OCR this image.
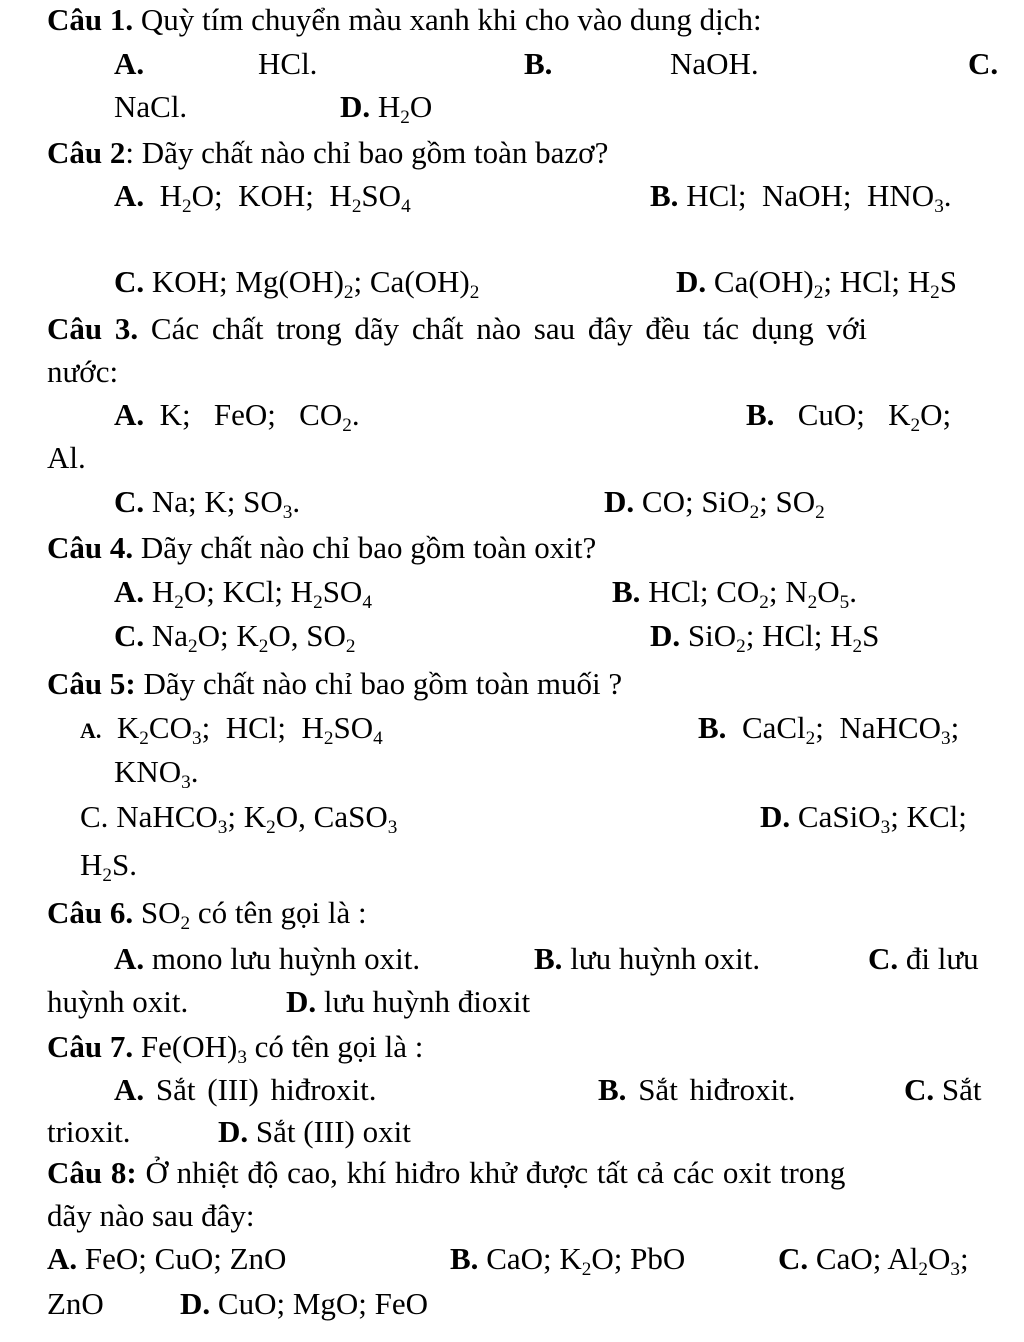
Câu 1. Quỳ tím chuyển màu xanh khi cho vào dung dịch:
A.	HCl.	B.	NaOH.	C.
NaCl.	D. $H_2O$
Câu 2: Dãy chất nào chỉ bao gồm toàn bazơ?
A.  $H_2O$;  KOH;  $H_2SO_4$	B. HCl;  NaOH;  $HNO_3$.
C. KOH; $Mg(OH)_2$; $Ca(OH)_2$	D. $Ca(OH)_2$; HCl; $H_2S$
Câu 3. Các chất trong dãy chất nào sau đây đều tác dụng với
nước:
A.  K;   FeO;   $CO_2$.	B.   CuO;   $K_2O$;
Al.
C. Na; K; $SO_3$.	D. CO; SiO$_2$; $SO_2$
Câu 4. Dãy chất nào chỉ bao gồm toàn oxit?
A. $H_2O$; KCl; $H_2SO_4$	B. HCl; $CO_2$; $N_2O_5$.
C. $Na_2O$; $K_2O$, $SO_2$	D. SiO$_2$; HCl; $H_2S$
Câu 5: Dãy chất nào chỉ bao gồm toàn muối ?
A.  $K_2CO_3$;  HCl;  $H_2SO_4$	B.  CaCl$_2$;  NaHCO$_3$;
$KNO_3$.
C. NaHCO$_3$; $K_2O$, CaSO$_3$	D. CaSiO$_3$; KCl;
$H_2S$.
Câu 6. $SO_2$ có tên gọi là :
A. mono lưu huỳnh oxit.	B. lưu huỳnh oxit.	C. đi lưu
huỳnh oxit.	D. lưu huỳnh đioxit
Câu 7. $Fe(OH)_3$ có tên gọi là :
A. Sắt (III) hiđroxit.	B. Sắt hiđroxit.	C. Sắt
trioxit.	D. Sắt (III) oxit
Câu 8: Ở nhiệt độ cao, khí hiđro khử được tất cả các oxit trong
dãy nào sau đây:
A. FeO; CuO; ZnO	B. CaO; $K_2O$; PbO	C. CaO; $Al_2O_3$;
ZnO D. CuO; MgO; FeO
